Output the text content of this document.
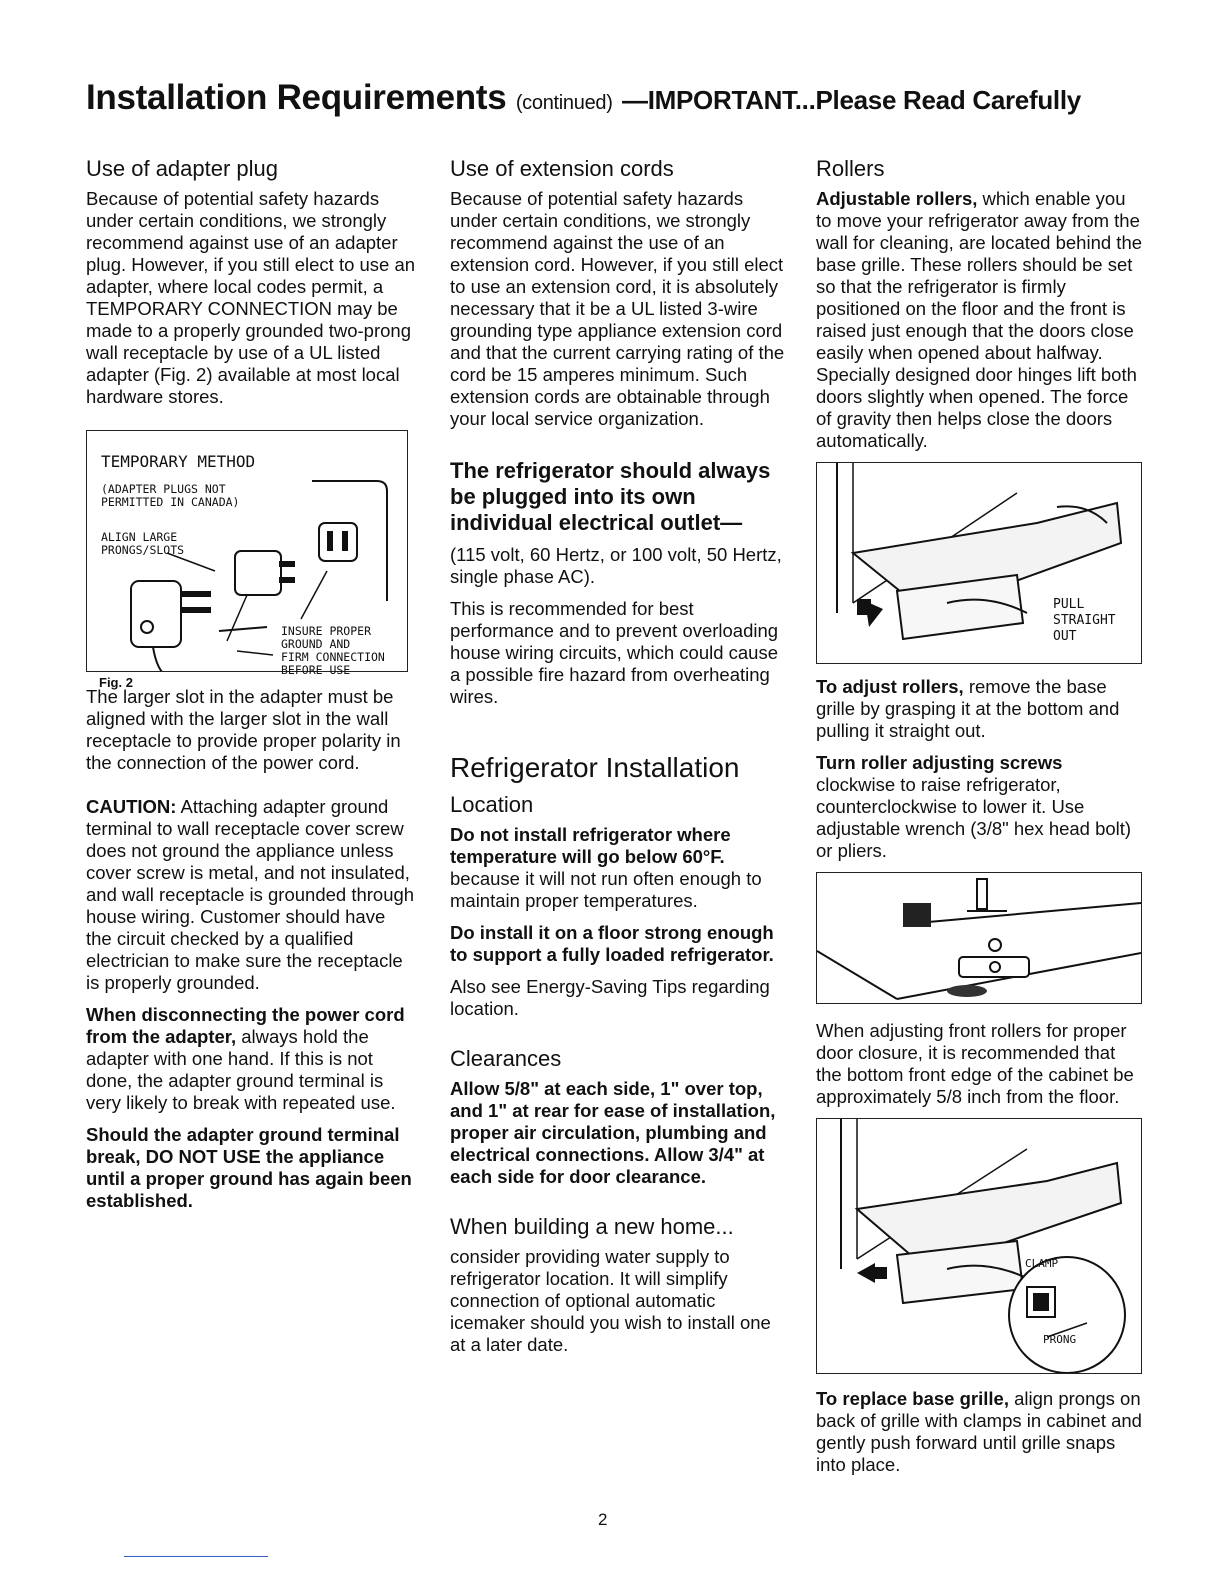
Installation Requirements (continued) —IMPORTANT...Please Read Carefully
Use of adapter plug

Because of potential safety hazards under certain conditions, we strongly recommend against use of an adapter plug. However, if you still elect to use an adapter, where local codes permit, a TEMPORARY CONNECTION may be made to a properly grounded two-prong wall receptacle by use of a UL listed adapter (Fig. 2) available at most local hardware stores.

TEMPORARY METHOD
(ADAPTER PLUGS NOT
PERMITTED IN CANADA)
ALIGN LARGE
PRONGS/SLOTS
INSURE PROPER
GROUND AND
FIRM CONNECTION
BEFORE USE
Fig. 2

The larger slot in the adapter must be aligned with the larger slot in the wall receptacle to provide proper polarity in the connection of the power cord.

CAUTION: Attaching adapter ground terminal to wall receptacle cover screw does not ground the appliance unless cover screw is metal, and not insulated, and wall receptacle is grounded through house wiring. Customer should have the circuit checked by a qualified electrician to make sure the receptacle is properly grounded.

When disconnecting the power cord from the adapter, always hold the adapter with one hand. If this is not done, the adapter ground terminal is very likely to break with repeated use.

Should the adapter ground terminal break, DO NOT USE the appliance until a proper ground has again been established.

Use of extension cords

Because of potential safety hazards under certain conditions, we strongly recommend against the use of an extension cord. However, if you still elect to use an extension cord, it is absolutely necessary that it be a UL listed 3-wire grounding type appliance extension cord and that the current carrying rating of the cord be 15 amperes minimum. Such extension cords are obtainable through your local service organization.

The refrigerator should always be plugged into its own individual electrical outlet—

(115 volt, 60 Hertz, or 100 volt, 50 Hertz, single phase AC).

This is recommended for best performance and to prevent overloading house wiring circuits, which could cause a possible fire hazard from overheating wires.

Refrigerator Installation
Location

Do not install refrigerator where temperature will go below 60°F. because it will not run often enough to maintain proper temperatures.

Do install it on a floor strong enough to support a fully loaded refrigerator.

Also see Energy-Saving Tips regarding location.

Clearances

Allow 5/8" at each side, 1" over top, and 1" at rear for ease of installation, proper air circulation, plumbing and electrical connections. Allow 3/4" at each side for door clearance.

When building a new home...

consider providing water supply to refrigerator location. It will simplify connection of optional automatic icemaker should you wish to install one at a later date.

Rollers

Adjustable rollers, which enable you to move your refrigerator away from the wall for cleaning, are located behind the base grille. These rollers should be set so that the refrigerator is firmly positioned on the floor and the front is raised just enough that the doors close easily when opened about halfway. Specially designed door hinges lift both doors slightly when opened. The force of gravity then helps close the doors automatically.

PULL
STRAIGHT
OUT

To adjust rollers, remove the base grille by grasping it at the bottom and pulling it straight out.

Turn roller adjusting screws clockwise to raise refrigerator, counterclockwise to lower it. Use adjustable wrench (3/8" hex head bolt) or pliers.

When adjusting front rollers for proper door closure, it is recommended that the bottom front edge of the cabinet be approximately 5/8 inch from the floor.

CLAMP
PRONG

To replace base grille, align prongs on back of grille with clamps in cabinet and gently push forward until grille snaps into place.

2
